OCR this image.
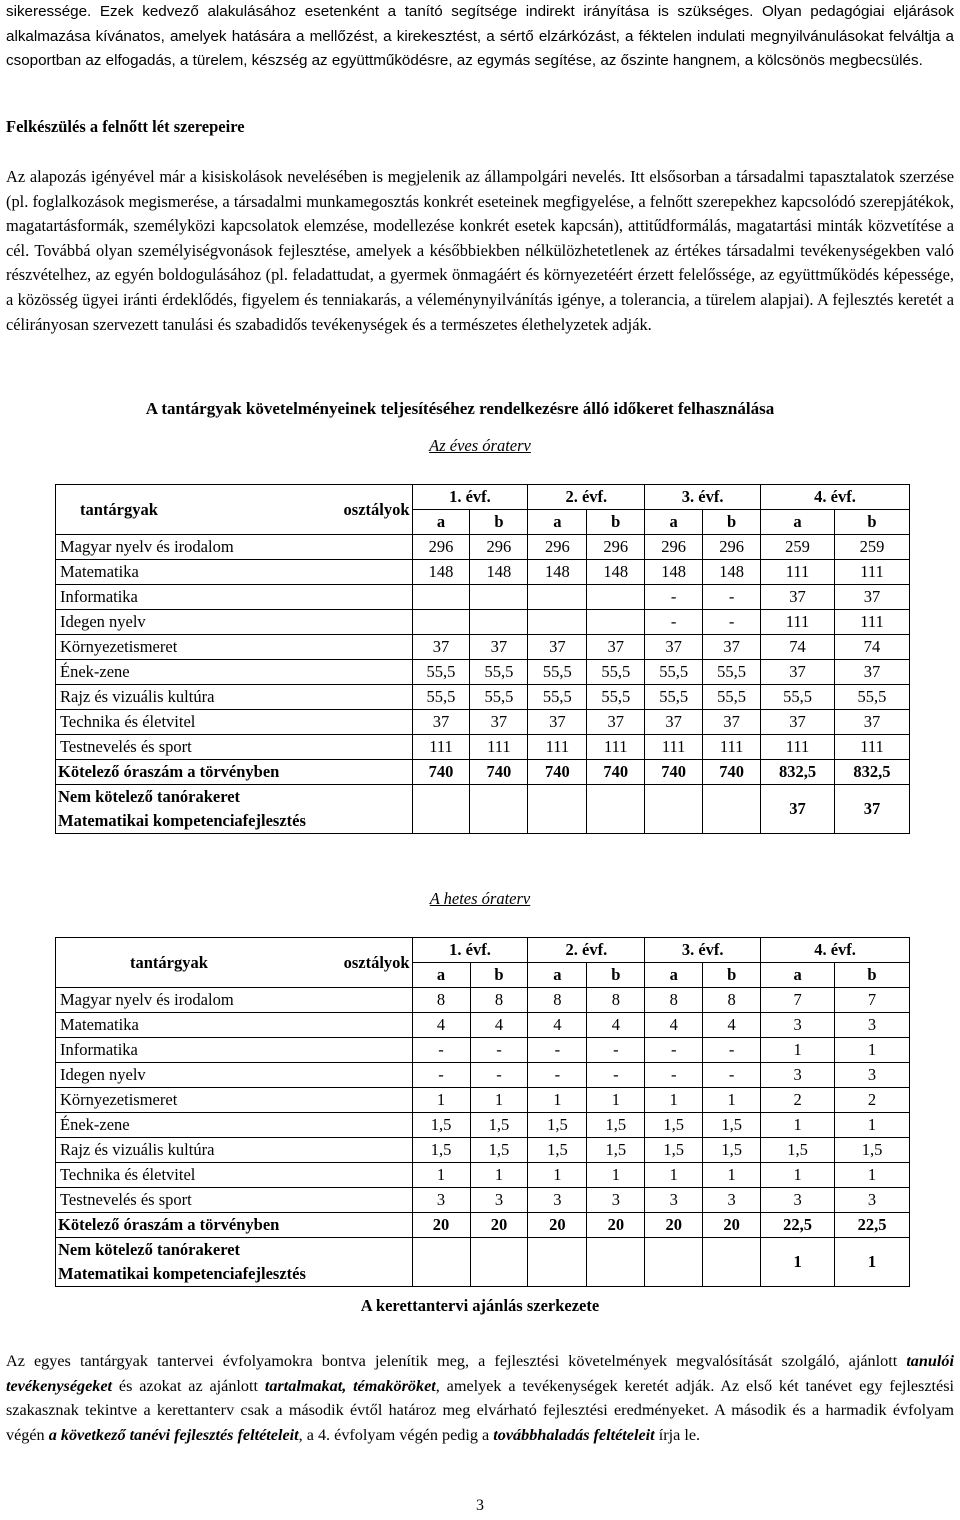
sikeressége. Ezek kedvező alakulásához esetenként a tanító segítsége indirekt irányítása is szükséges. Olyan pedagógiai eljárások alkalmazása kívánatos, amelyek hatására a mellőzést, a kirekesztést, a sértő elzárkózást, a féktelen indulati megnyilvánulásokat felváltja a csoportban az elfogadás, a türelem, készség az együttműködésre, az egymás segítése, az őszinte hangnem, a kölcsönös megbecsülés.

Felkészülés a felnőtt lét szerepeire

Az alapozás igényével már a kisiskolások nevelésében is megjelenik az állampolgári nevelés. Itt elsősorban a társadalmi tapasztalatok szerzése (pl. foglalkozások megismerése, a társadalmi munkamegosztás konkrét eseteinek megfigyelése, a felnőtt szerepekhez kapcsolódó szerepjátékok, magatartásformák, személyközi kapcsolatok elemzése, modellezése konkrét esetek kapcsán), attitűdformálás, magatartási minták közvetítése a cél. Továbbá olyan személyiségvonások fejlesztése, amelyek a későbbiekben nélkülözhetetlenek az értékes társadalmi tevékenységekben való részvételhez, az egyén boldogulásához (pl. feladattudat, a gyermek önmagáért és környezetéért érzett felelőssége, az együttműködés képessége, a közösség ügyei iránti érdeklődés, figyelem és tenniakarás, a véleménynyilvánítás igénye, a tolerancia, a türelem alapjai). A fejlesztés keretét a célirányosan szervezett tanulási és szabadidős tevékenységek és a természetes élethelyzetek adják.

A tantárgyak követelményeinek teljesítéséhez rendelkezésre álló időkeret felhasználása
Az éves óraterv
tantárgyak osztályok	1. évf.		2. évf.		3. évf.		4. évf.	
	a	b	a	b	a	b	a	b
Magyar nyelv és irodalom	296	296	296	296	296	296	259	259
Matematika	148	148	148	148	148	148	111	111
Informatika					-	-	37	37
Idegen nyelv					-	-	111	111
Környezetismeret	37	37	37	37	37	37	74	74
Ének-zene	55,5	55,5	55,5	55,5	55,5	55,5	37	37
Rajz és vizuális kultúra	55,5	55,5	55,5	55,5	55,5	55,5	55,5	55,5
Technika és életvitel	37	37	37	37	37	37	37	37
Testnevelés és sport	111	111	111	111	111	111	111	111
Kötelező óraszám a törvényben	740	740	740	740	740	740	832,5	832,5

Nem kötelező tanórakeret
Matematikai kompetenciafejlesztés							37	37
A hetes óraterv
tantárgyak osztályok	1. évf.		2. évf.		3. évf.		4. évf.	
	a	b	a	b	a	b	a	b
Magyar nyelv és irodalom	8	8	8	8	8	8	7	7
Matematika	4	4	4	4	4	4	3	3
Informatika	-	-	-	-	-	-	1	1
Idegen nyelv	-	-	-	-	-	-	3	3
Környezetismeret	1	1	1	1	1	1	2	2
Ének-zene	1,5	1,5	1,5	1,5	1,5	1,5	1	1
Rajz és vizuális kultúra	1,5	1,5	1,5	1,5	1,5	1,5	1,5	1,5
Technika és életvitel	1	1	1	1	1	1	1	1
Testnevelés és sport	3	3	3	3	3	3	3	3
Kötelező óraszám a törvényben	20	20	20	20	20	20	22,5	22,5

Nem kötelező tanórakeret
Matematikai kompetenciafejlesztés							1	1
A kerettantervi ajánlás szerkezete

Az egyes tantárgyak tantervei évfolyamokra bontva jelenítik meg, a fejlesztési követelmények megvalósítását szolgáló, ajánlott tanulói tevékenységeket és azokat az ajánlott tartalmakat, témaköröket, amelyek a tevékenységek keretét adják. Az első két tanévet egy fejlesztési szakasznak tekintve a kerettanterv csak a második évtől határoz meg elvárható fejlesztési eredményeket. A második és a harmadik évfolyam végén a következő tanévi fejlesztés feltételeit, a 4. évfolyam végén pedig a továbbhaladás feltételeit írja le.

3
